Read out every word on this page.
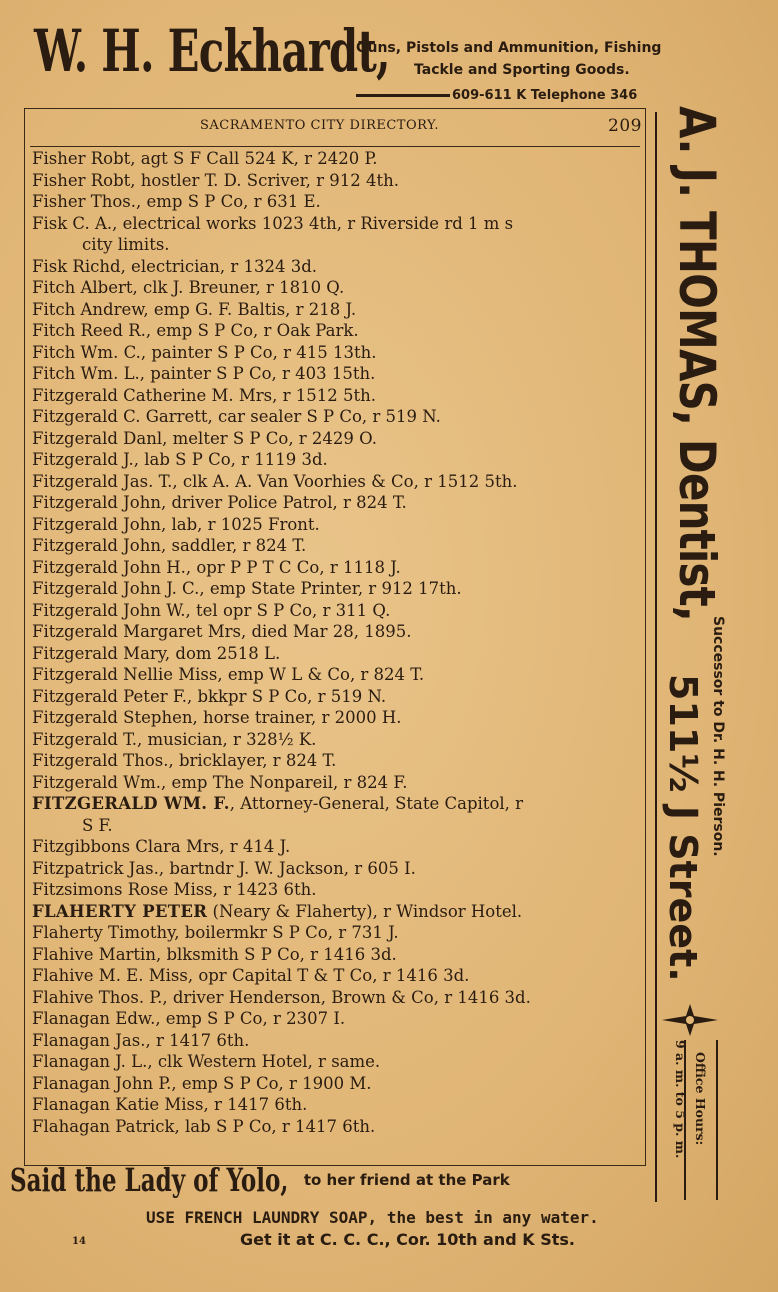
W. H. Eckhardt,
Guns, Pistols and Ammunition, Fishing
Tackle and Sporting Goods.
609-611 K Telephone 346
SACRAMENTO CITY DIRECTORY.	209
Fisher Robt, agt S F Call 524 K, r 2420 P.
Fisher Robt, hostler T. D. Scriver, r 912 4th.
Fisher Thos., emp S P Co, r 631 E.
Fisk C. A., electrical works 1023 4th, r Riverside rd 1 m s
city limits.
Fisk Richd, electrician, r 1324 3d.
Fitch Albert, clk J. Breuner, r 1810 Q.
Fitch Andrew, emp G. F. Baltis, r 218 J.
Fitch Reed R., emp S P Co, r Oak Park.
Fitch Wm. C., painter S P Co, r 415 13th.
Fitch Wm. L., painter S P Co, r 403 15th.
Fitzgerald Catherine M. Mrs, r 1512 5th.
Fitzgerald C. Garrett, car sealer S P Co, r 519 N.
Fitzgerald Danl, melter S P Co, r 2429 O.
Fitzgerald J., lab S P Co, r 1119 3d.
Fitzgerald Jas. T., clk A. A. Van Voorhies & Co, r 1512 5th.
Fitzgerald John, driver Police Patrol, r 824 T.
Fitzgerald John, lab, r 1025 Front.
Fitzgerald John, saddler, r 824 T.
Fitzgerald John H., opr P P T C Co, r 1118 J.
Fitzgerald John J. C., emp State Printer, r 912 17th.
Fitzgerald John W., tel opr S P Co, r 311 Q.
Fitzgerald Margaret Mrs, died Mar 28, 1895.
Fitzgerald Mary, dom 2518 L.
Fitzgerald Nellie Miss, emp W L & Co, r 824 T.
Fitzgerald Peter F., bkkpr S P Co, r 519 N.
Fitzgerald Stephen, horse trainer, r 2000 H.
Fitzgerald T., musician, r 328½ K.
Fitzgerald Thos., bricklayer, r 824 T.
Fitzgerald Wm., emp The Nonpareil, r 824 F.
FITZGERALD WM. F., Attorney-General, State Capitol, r
S F.
Fitzgibbons Clara Mrs, r 414 J.
Fitzpatrick Jas., bartndr J. W. Jackson, r 605 I.
Fitzsimons Rose Miss, r 1423 6th.
FLAHERTY PETER (Neary & Flaherty), r Windsor Hotel.
Flaherty Timothy, boilermkr S P Co, r 731 J.
Flahive Martin, blksmith S P Co, r 1416 3d.
Flahive M. E. Miss, opr Capital T & T Co, r 1416 3d.
Flahive Thos. P., driver Henderson, Brown & Co, r 1416 3d.
Flanagan Edw., emp S P Co, r 2307 I.
Flanagan Jas., r 1417 6th.
Flanagan J. L., clk Western Hotel, r same.
Flanagan John P., emp S P Co, r 1900 M.
Flanagan Katie Miss, r 1417 6th.
Flahagan Patrick, lab S P Co, r 1417 6th.
A. J. THOMAS, Dentist,
Successor to Dr. H. H. Pierson.
511½ J Street.
Office Hours:
9 a. m. to 5 p. m.
Said the Lady of Yolo, to her friend at the Park
USE FRENCH LAUNDRY SOAP, the best in any water.
14	Get it at C. C. C., Cor. 10th and K Sts.
